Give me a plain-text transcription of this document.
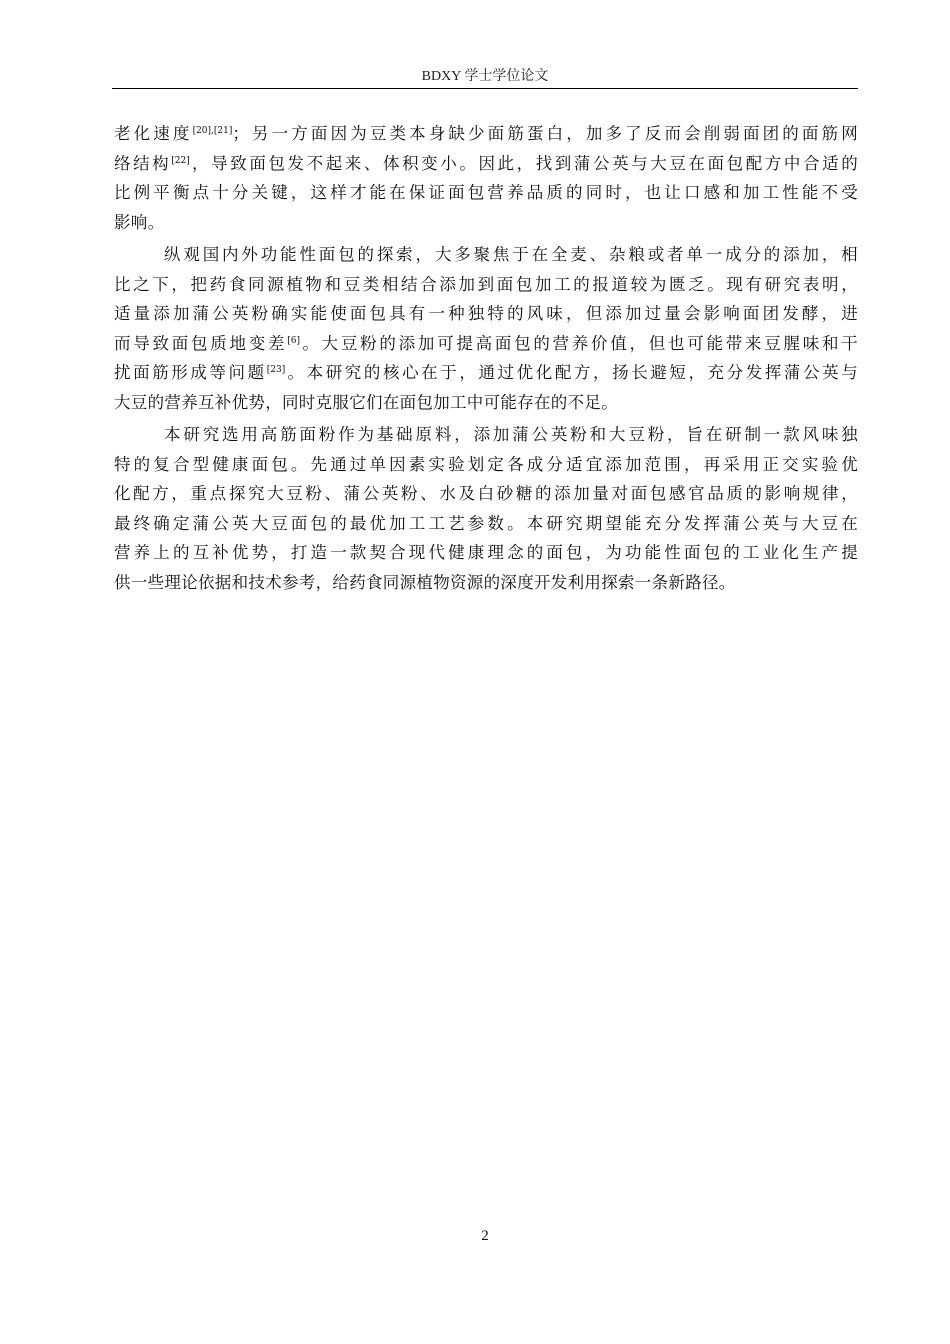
BDXY 学士学位论文
老化速度[20],[21]；另一方面因为豆类本身缺少面筋蛋白，加多了反而会削弱面团的面筋网
络结构[22]，导致面包发不起来、体积变小。因此，找到蒲公英与大豆在面包配方中合适的
比例平衡点十分关键，这样才能在保证面包营养品质的同时，也让口感和加工性能不受
影响。
纵观国内外功能性面包的探索，大多聚焦于在全麦、杂粮或者单一成分的添加，相
比之下，把药食同源植物和豆类相结合添加到面包加工的报道较为匮乏。现有研究表明，
适量添加蒲公英粉确实能使面包具有一种独特的风味，但添加过量会影响面团发酵，进
而导致面包质地变差[6]。大豆粉的添加可提高面包的营养价值，但也可能带来豆腥味和干
扰面筋形成等问题[23]。本研究的核心在于，通过优化配方，扬长避短，充分发挥蒲公英与
大豆的营养互补优势，同时克服它们在面包加工中可能存在的不足。
本研究选用高筋面粉作为基础原料，添加蒲公英粉和大豆粉，旨在研制一款风味独
特的复合型健康面包。先通过单因素实验划定各成分适宜添加范围，再采用正交实验优
化配方，重点探究大豆粉、蒲公英粉、水及白砂糖的添加量对面包感官品质的影响规律，
最终确定蒲公英大豆面包的最优加工工艺参数。本研究期望能充分发挥蒲公英与大豆在
营养上的互补优势，打造一款契合现代健康理念的面包，为功能性面包的工业化生产提
供一些理论依据和技术参考，给药食同源植物资源的深度开发利用探索一条新路径。
2
